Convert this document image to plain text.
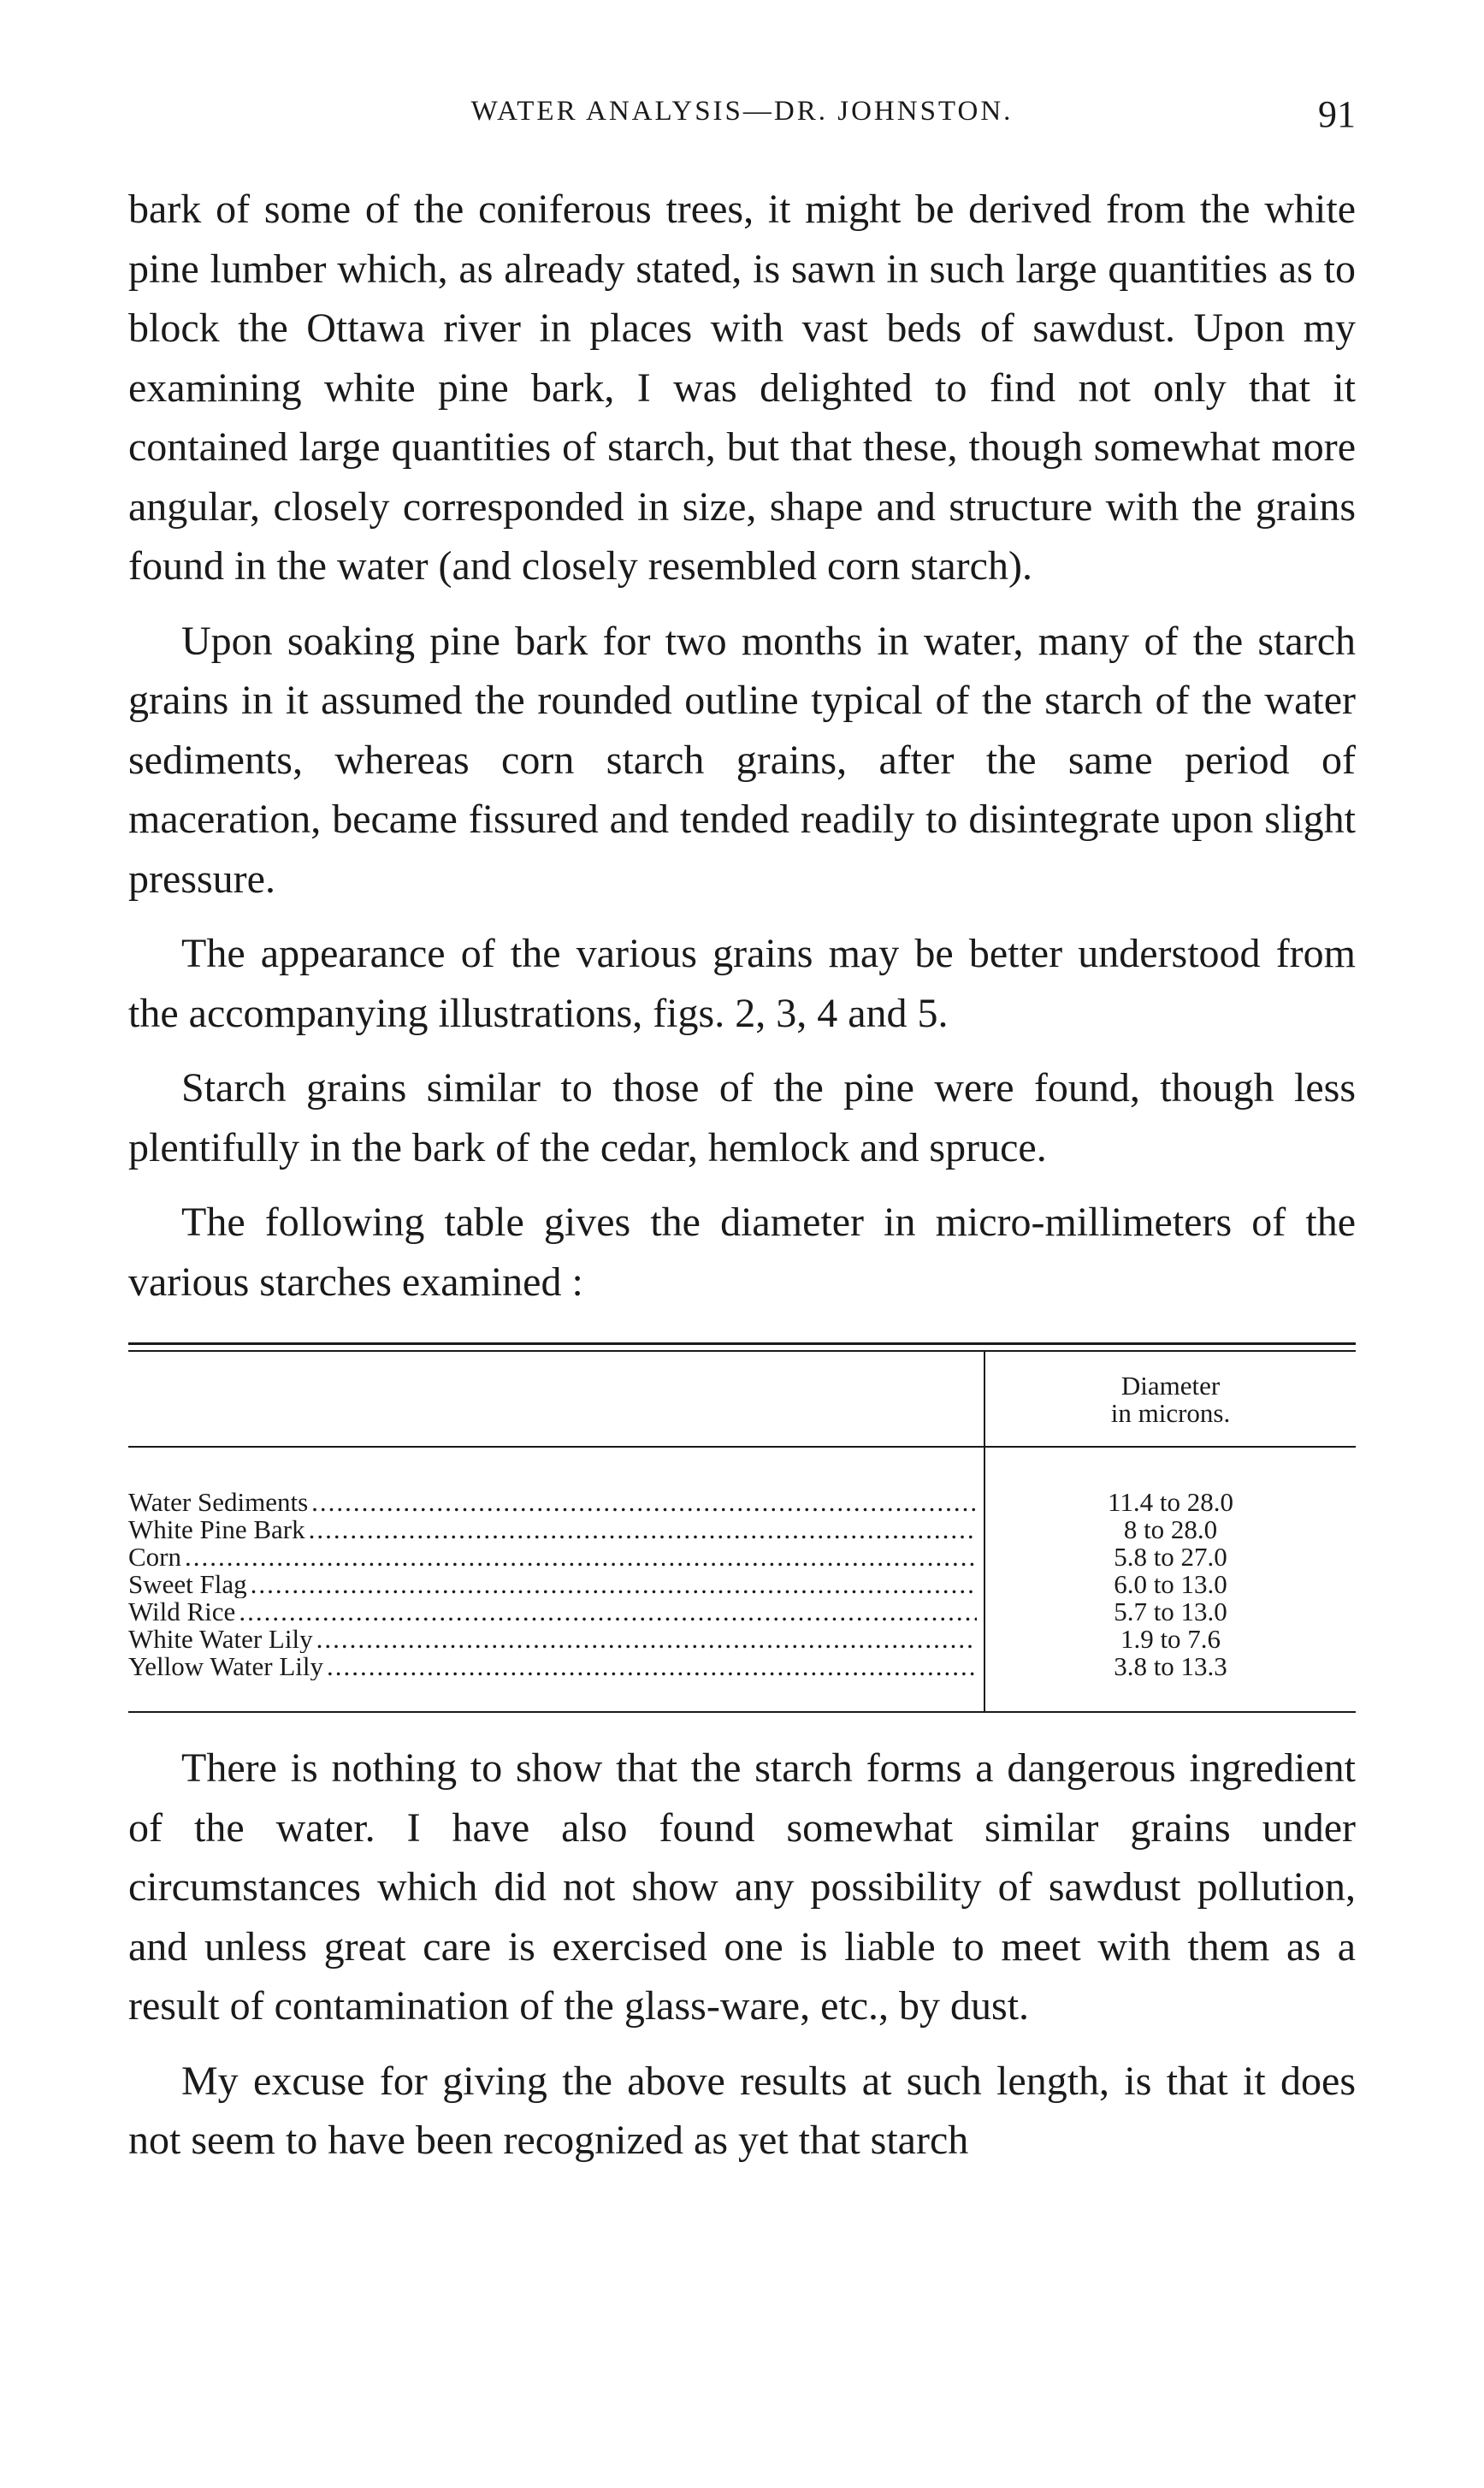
WATER ANALYSIS—DR. JOHNSTON.	91

bark of some of the coniferous trees, it might be derived from the white pine lumber which, as already stated, is sawn in such large quantities as to block the Ottawa river in places with vast beds of sawdust. Upon my examining white pine bark, I was delighted to find not only that it contained large quantities of starch, but that these, though somewhat more angular, closely corresponded in size, shape and structure with the grains found in the water (and closely resembled corn starch).

Upon soaking pine bark for two months in water, many of the starch grains in it assumed the rounded outline typical of the starch of the water sediments, whereas corn starch grains, after the same period of maceration, became fissured and tended readily to disintegrate upon slight pressure.

The appearance of the various grains may be better understood from the accompanying illustrations, figs. 2, 3, 4 and 5.

Starch grains similar to those of the pine were found, though less plentifully in the bark of the cedar, hemlock and spruce.

The following table gives the diameter in micro-millimeters of the various starches examined :

Diameter
in microns.
Water Sediments
.....
White Pine Bark
.....
Corn
.....
Sweet Flag
.....
Wild Rice
.....
White Water Lily
.....
Yellow Water Lily
.....
11.4 to 28.0
8 to 28.0
5.8 to 27.0
6.0 to 13.0
5.7 to 13.0
1.9 to 7.6
3.8 to 13.3

There is nothing to show that the starch forms a dangerous ingredient of the water. I have also found somewhat similar grains under circumstances which did not show any possibility of sawdust pollution, and unless great care is exercised one is liable to meet with them as a result of contamination of the glass-ware, etc., by dust.

My excuse for giving the above results at such length, is that it does not seem to have been recognized as yet that starch
